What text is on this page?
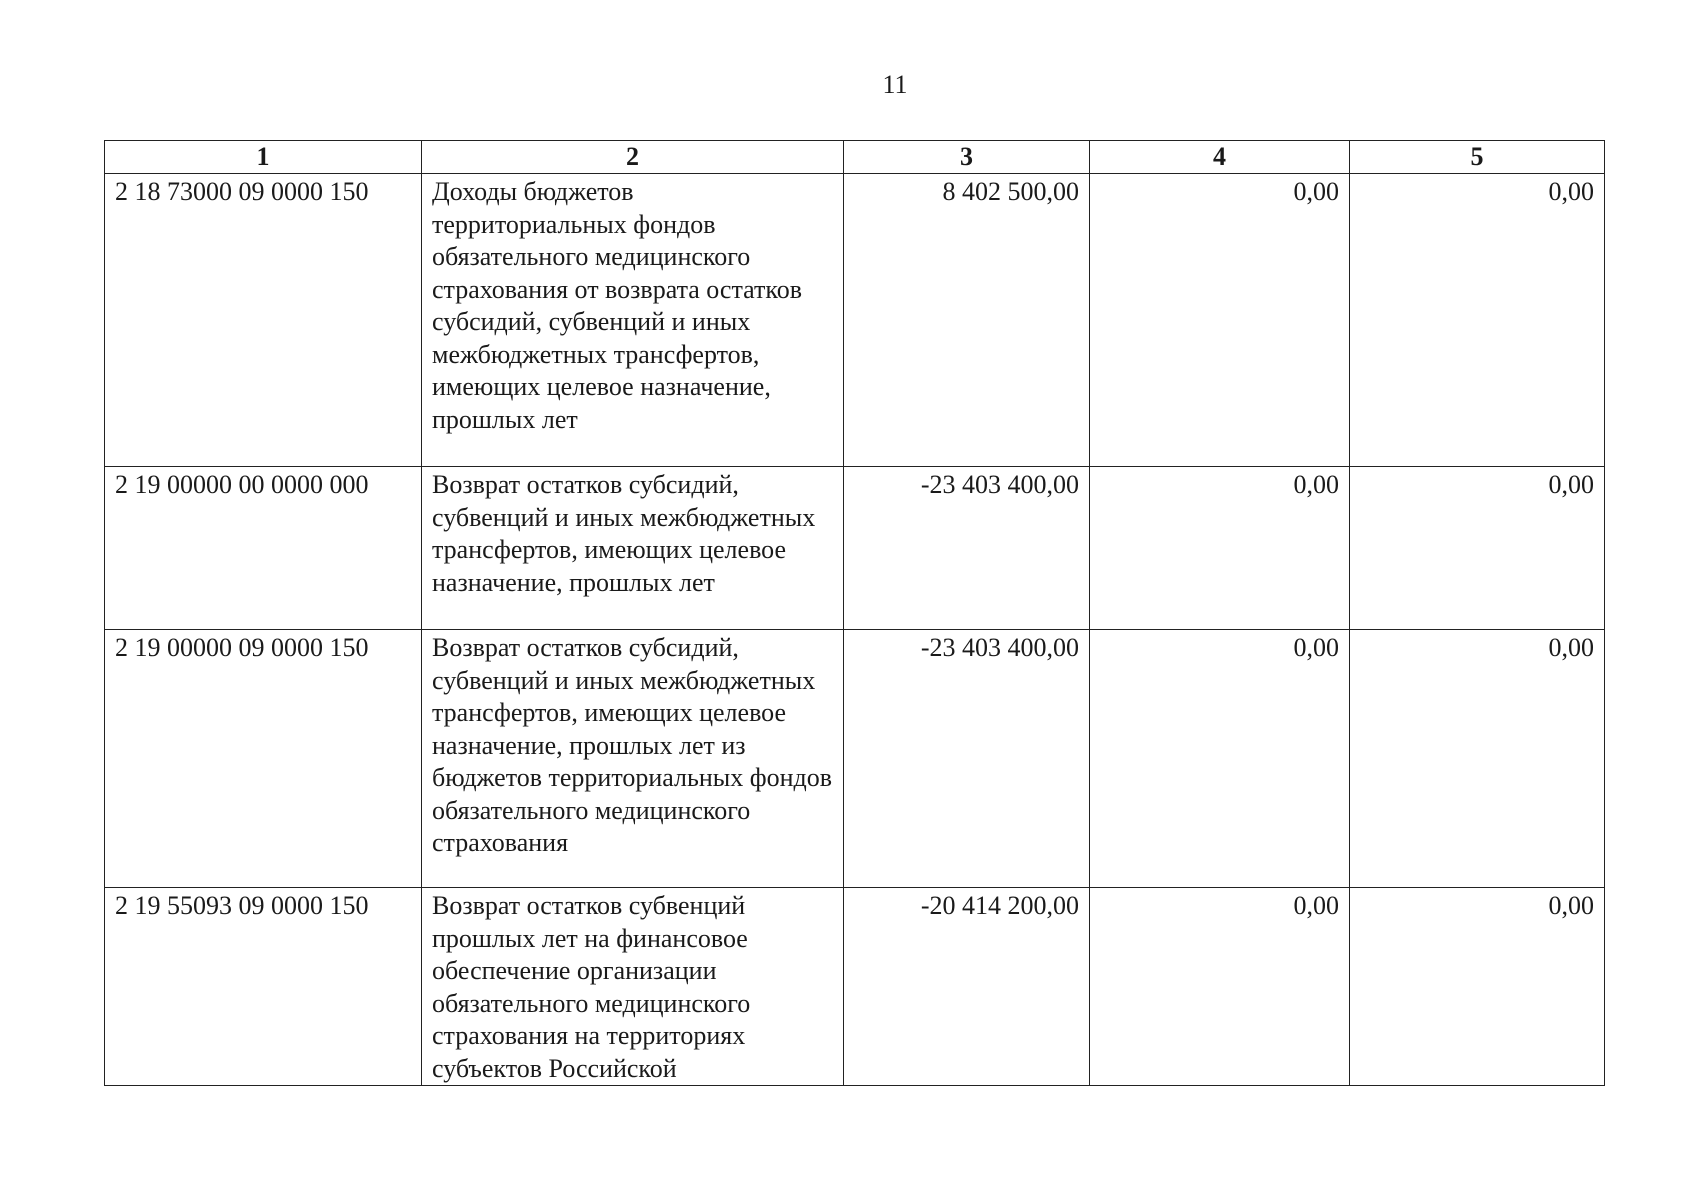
11
1	2	3	4	5
2 18 73000 09 0000 150	Доходы бюджетов территориальных фондов обязательного медицинского страхования от возврата остатков субсидий, субвенций и иных межбюджетных трансфертов, имеющих целевое назначение, прошлых лет	8 402 500,00	0,00	0,00
2 19 00000 00 0000 000	Возврат остатков субсидий, субвенций и иных межбюджетных трансфертов, имеющих целевое назначение, прошлых лет	-23 403 400,00	0,00	0,00
2 19 00000 09 0000 150	Возврат остатков субсидий, субвенций и иных межбюджетных трансфертов, имеющих целевое назначение, прошлых лет из бюджетов территориальных фондов обязательного медицинского страхования	-23 403 400,00	0,00	0,00
2 19 55093 09 0000 150	Возврат остатков субвенций прошлых лет на финансовое обеспечение организации обязательного медицинского страхования на территориях субъектов Российской	-20 414 200,00	0,00	0,00
